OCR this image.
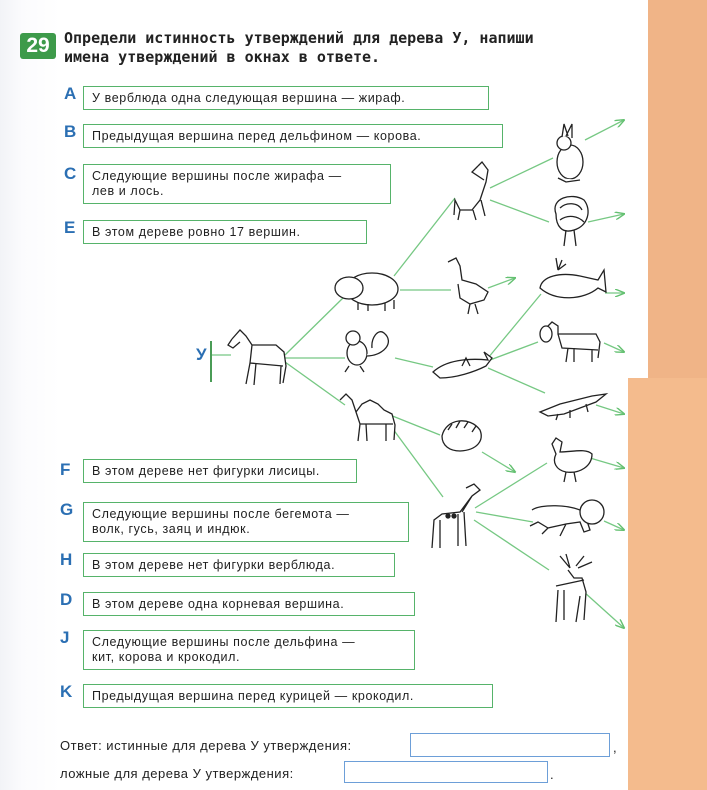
29 Определи истинность утверждений для дерева У, напиши
имена утверждений в окнах в ответе.
A	У верблюда одна следующая вершина — жираф.
B	Предыдущая вершина перед дельфином — корова.
C	Следующие вершины после жирафа —
лев и лось.
E	В этом дереве ровно 17 вершин.
F	В этом дереве нет фигурки лисицы.
G	Следующие вершины после бегемота —
волк, гусь, заяц и индюк.
H	В этом дереве нет фигурки верблюда.
D	В этом дереве одна корневая вершина.
J	Следующие вершины после дельфина —
кит, корова и крокодил.
K	Предыдущая вершина перед курицей — крокодил.
У
Ответ: истинные для дерева У утверждения:	,
ложные для дерева У утверждения:	.
